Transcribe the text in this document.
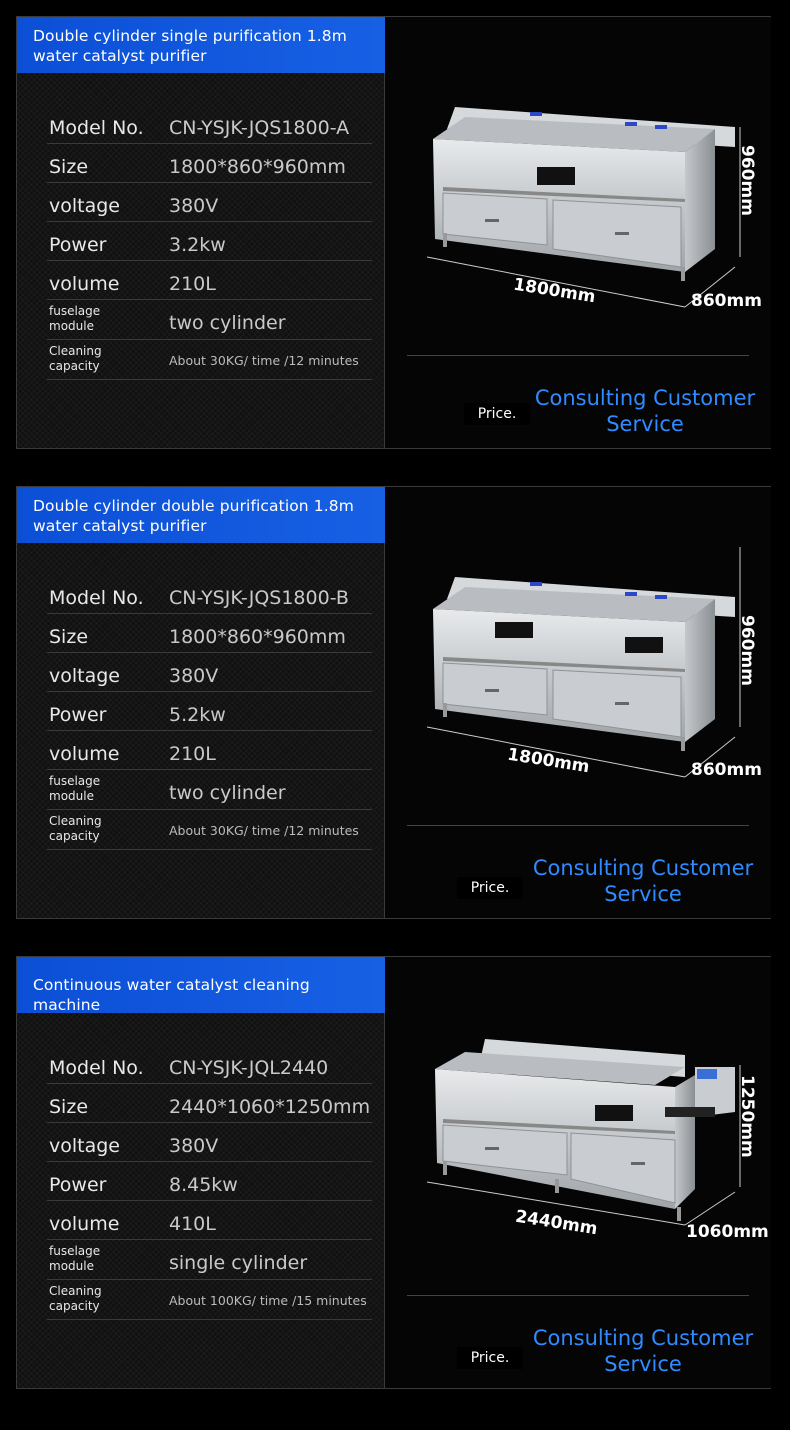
Double cylinder single purification 1.8m
water catalyst purifier
Model No. CN-YSJK-JQS1800-A
Size	1800*860*960mm
voltage	380V
Power	3.2kw
volume	210L
fuselage
module	two cylinder
Cleaning
capacity	About 30KG/ time /12 minutes
1800mm	860mm
960mm
Price.
Consulting Customer
Service
Double cylinder double purification 1.8m
water catalyst purifier
Model No. CN-YSJK-JQS1800-B
Size	1800*860*960mm
voltage	380V
Power	5.2kw
volume	210L
fuselage
module	two cylinder
Cleaning
capacity	About 30KG/ time /12 minutes
1800mm	860mm
960mm
Price.
Consulting Customer
Service
Continuous water catalyst cleaning machine
Model No. CN-YSJK-JQL2440
Size	2440*1060*1250mm
voltage	380V
Power	8.45kw
volume	410L
fuselage
module	single cylinder
Cleaning
capacity	About 100KG/ time /15 minutes
2440mm	1060mm
1250mm
Price.
Consulting Customer
Service
